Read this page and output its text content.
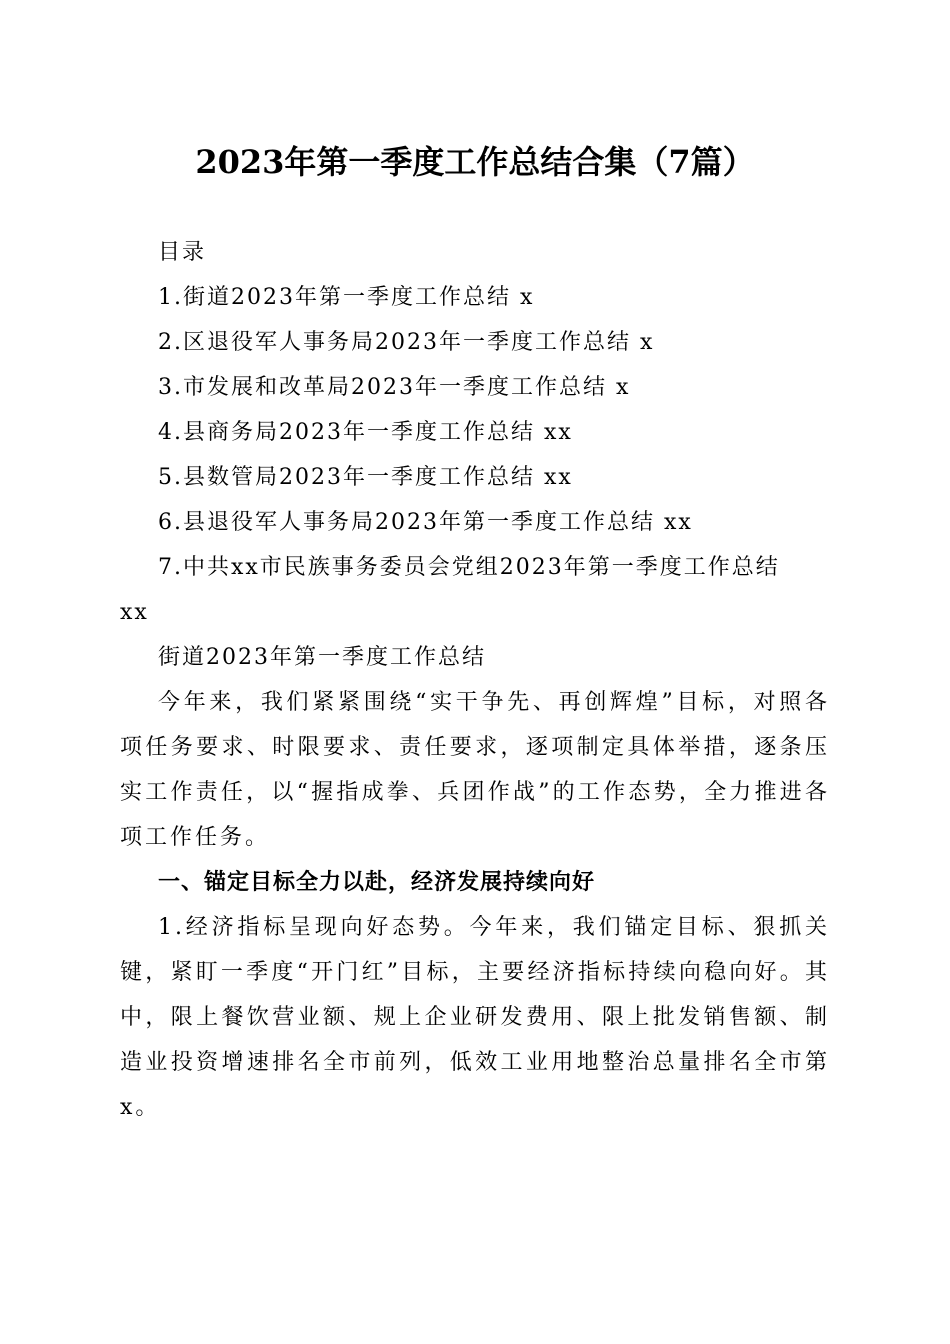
2023年第一季度工作总结合集（7篇）
目录
1.街道2023年第一季度工作总结 x
2.区退役军人事务局2023年一季度工作总结 x
3.市发展和改革局2023年一季度工作总结 x
4.县商务局2023年一季度工作总结 xx
5.县数管局2023年一季度工作总结 xx
6.县退役军人事务局2023年第一季度工作总结 xx
7.中共xx市民族事务委员会党组2023年第一季度工作总结
xx
街道2023年第一季度工作总结

今年来，我们紧紧围绕“实干争先、再创辉煌”目标，对照各项任务要求、时限要求、责任要求，逐项制定具体举措，逐条压实工作责任，以“握指成拳、兵团作战”的工作态势，全力推进各项工作任务。

一、锚定目标全力以赴，经济发展持续向好

1.经济指标呈现向好态势。今年来，我们锚定目标、狠抓关键，紧盯一季度“开门红”目标，主要经济指标持续向稳向好。其中，限上餐饮营业额、规上企业研发费用、限上批发销售额、制造业投资增速排名全市前列，低效工业用地整治总量排名全市第x。
